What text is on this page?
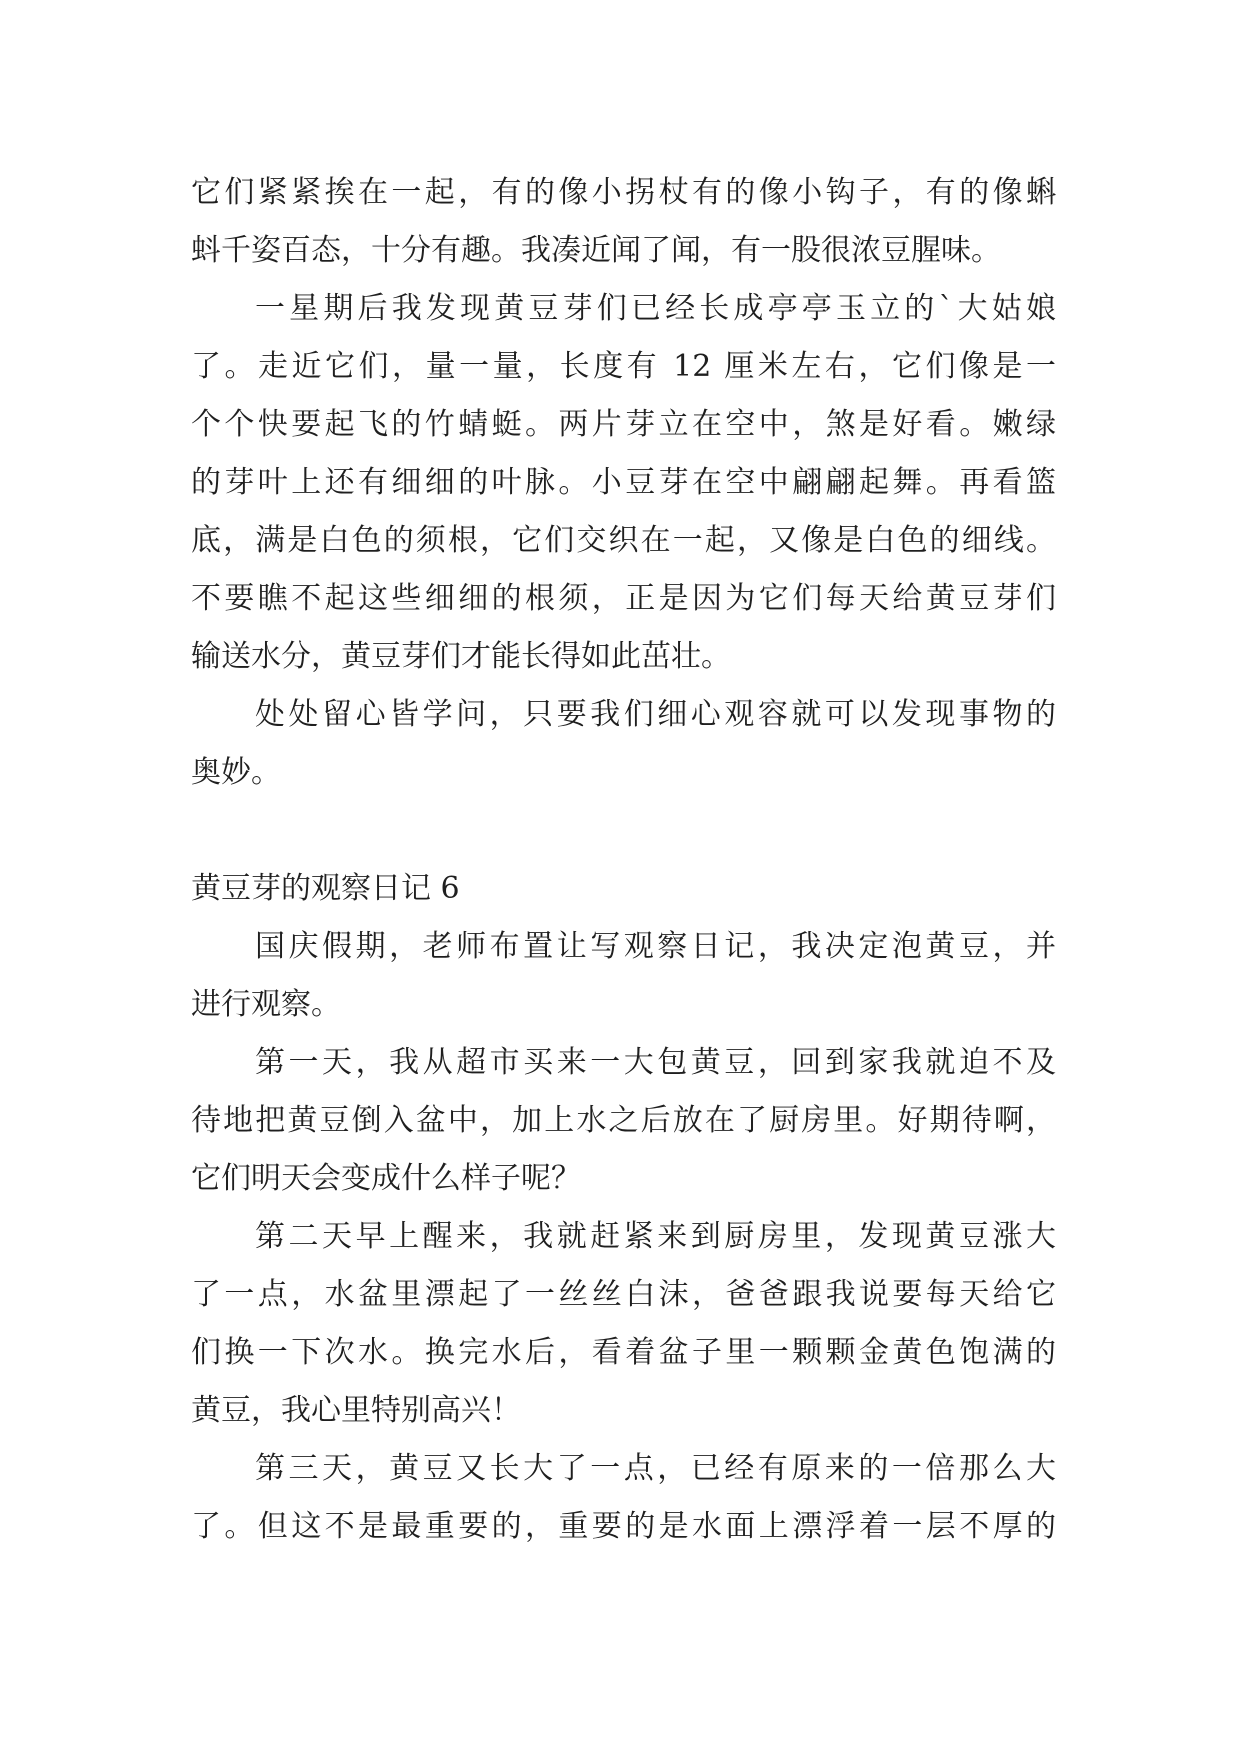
它们紧紧挨在一起，有的像小拐杖有的像小钩子，有的像蝌
蚪千姿百态，十分有趣。我凑近闻了闻，有一股很浓豆腥味。
一星期后我发现黄豆芽们已经长成亭亭玉立的`大姑娘
了。走近它们，量一量，长度有 12 厘米左右，它们像是一
个个快要起飞的竹蜻蜓。两片芽立在空中，煞是好看。嫩绿
的芽叶上还有细细的叶脉。小豆芽在空中翩翩起舞。再看篮
底，满是白色的须根，它们交织在一起，又像是白色的细线。
不要瞧不起这些细细的根须，正是因为它们每天给黄豆芽们
输送水分，黄豆芽们才能长得如此茁壮。
处处留心皆学问，只要我们细心观容就可以发现事物的
奥妙。
黄豆芽的观察日记 6
国庆假期，老师布置让写观察日记，我决定泡黄豆，并
进行观察。
第一天，我从超市买来一大包黄豆，回到家我就迫不及
待地把黄豆倒入盆中，加上水之后放在了厨房里。好期待啊，
它们明天会变成什么样子呢？
第二天早上醒来，我就赶紧来到厨房里，发现黄豆涨大
了一点，水盆里漂起了一丝丝白沫，爸爸跟我说要每天给它
们换一下次水。换完水后，看着盆子里一颗颗金黄色饱满的
黄豆，我心里特别高兴！
第三天，黄豆又长大了一点，已经有原来的一倍那么大
了。但这不是最重要的，重要的是水面上漂浮着一层不厚的
